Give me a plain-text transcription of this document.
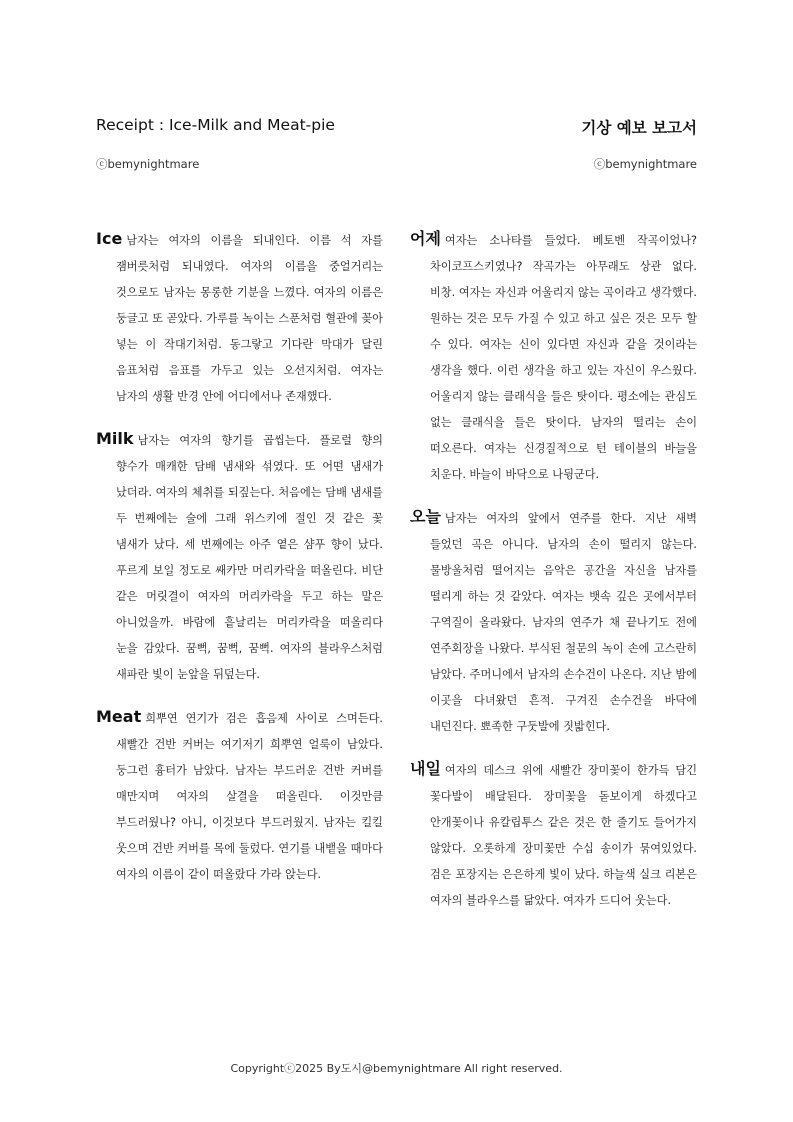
Receipt : Ice-Milk and Meat-pie	기상 예보 보고서
ⓒbemynightmare	ⓒbemynightmare

Ice 남자는 여자의 이름을 되내인다. 이름 석 자를 잼버릇처럼 되내였다. 여자의 이름을 중얼거리는 것으로도 남자는 몽롱한 기분을 느꼈다. 여자의 이름은 둥글고 또 곧았다. 가루를 녹이는 스푼처럼 혈관에 꽂아 넣는 이 작대기처럼. 동그랗고 기다란 막대가 달린 음표처럼 음표를 가두고 있는 오선지처럼. 여자는 남자의 생활 반경 안에 어디에서나 존재했다.

Milk 남자는 여자의 향기를 곱씹는다. 플로럴 향의 향수가 매캐한 담배 냄새와 섞였다. 또 어떤 냄새가 났더라. 여자의 체취를 되짚는다. 처음에는 담배 냄새를 두 번째에는 술에 그래 위스키에 절인 것 같은 꽃 냄새가 났다. 세 번째에는 아주 옅은 샴푸 향이 났다. 푸르게 보일 정도로 쌔카만 머리카락을 떠올린다. 비단 같은 머릿결이 여자의 머리카락을 두고 하는 말은 아니었을까. 바람에 흩날리는 머리카락을 떠올리다 눈을 감았다. 꿈뻑, 꿈뻑, 꿈뻑. 여자의 블라우스처럼 새파란 빛이 눈앞을 뒤덮는다.

Meat 희뿌연 연기가 검은 흡음제 사이로 스며든다. 새빨간 건반 커버는 여기저기 희뿌연 얼룩이 남았다. 둥그런 흉터가 남았다. 남자는 부드러운 건반 커버를 매만지며 여자의 살결을 떠올린다. 이것만큼 부드러웠나? 아니, 이것보다 부드러웠지. 남자는 킬킬 웃으며 건반 커버를 목에 둘렀다. 연기를 내뱉을 때마다 여자의 이름이 같이 떠올랐다 가라 앉는다.

어제 여자는 소나타를 들었다. 베토벤 작곡이었나? 차이코프스키였나? 작곡가는 아무래도 상관 없다. 비창. 여자는 자신과 어울리지 않는 곡이라고 생각했다. 원하는 것은 모두 가질 수 있고 하고 싶은 것은 모두 할 수 있다. 여자는 신이 있다면 자신과 같을 것이라는 생각을 했다. 이런 생각을 하고 있는 자신이 우스웠다. 어울리지 않는 클래식을 들은 탓이다. 평소에는 관심도 없는 클래식을 들은 탓이다. 남자의 떨리는 손이 떠오른다. 여자는 신경질적으로 턴 테이블의 바늘을 치운다. 바늘이 바닥으로 나뒹군다.

오늘 남자는 여자의 앞에서 연주를 한다. 지난 새벽 들었던 곡은 아니다. 남자의 손이 떨리지 않는다. 물방울처럼 떨어지는 음악은 공간을 자신을 남자를 떨리게 하는 것 같았다. 여자는 뱃속 깊은 곳에서부터 구역질이 올라왔다. 남자의 연주가 채 끝나기도 전에 연주회장을 나왔다. 부식된 철문의 녹이 손에 고스란히 남았다. 주머니에서 남자의 손수건이 나온다. 지난 밤에 이곳을 다녀왔던 흔적. 구겨진 손수건을 바닥에 내던진다. 뾰족한 구둣발에 짓밟힌다.

내일 여자의 데스크 위에 새빨간 장미꽃이 한가득 담긴 꽃다발이 배달된다. 장미꽃을 돋보이게 하겠다고 안개꽃이나 유칼립투스 같은 것은 한 줄기도 들어가지 않았다. 오롯하게 장미꽃만 수십 송이가 묶여있었다. 검은 포장지는 은은하게 빛이 났다. 하늘색 실크 리본은 여자의 블라우스를 닮았다. 여자가 드디어 웃는다.

Copyrightⓒ2025 By도시@bemynightmare All right reserved.
